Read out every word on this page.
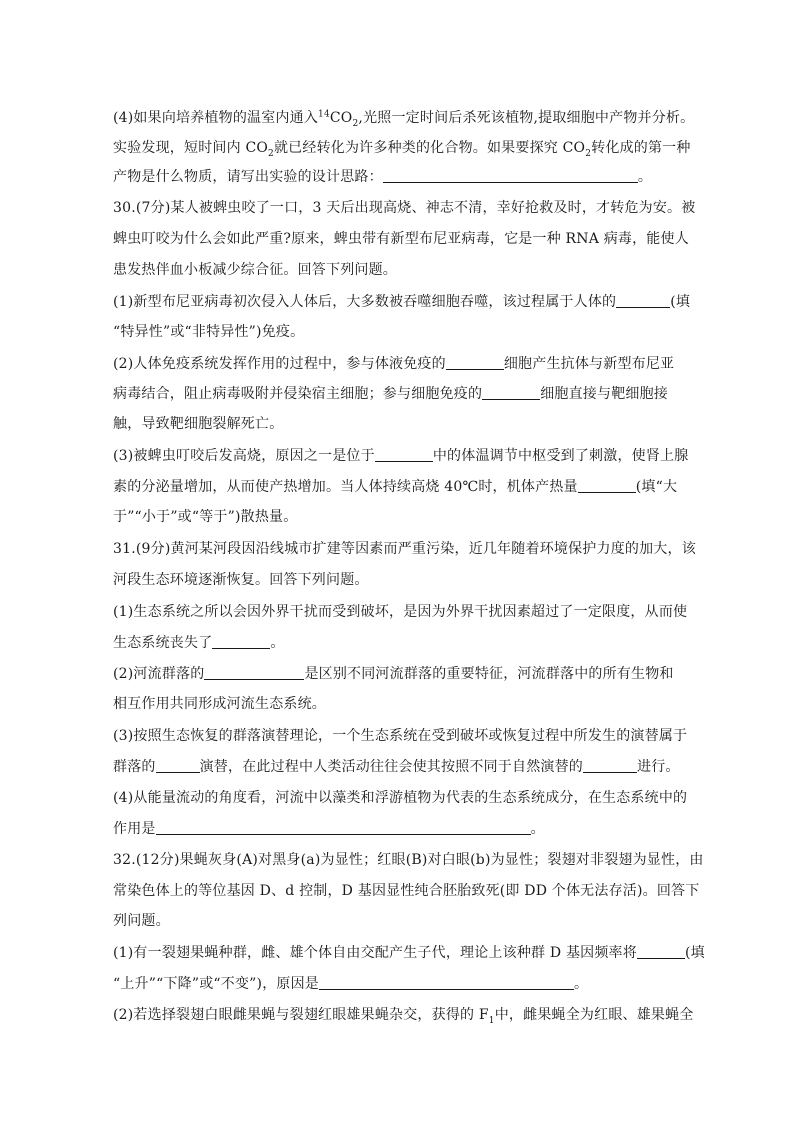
(4)如果向培养植物的温室内通入$^{14}CO_2$,光照一定时间后杀死该植物,提取细胞中产物并分析。
实验发现，短时间内 $CO_2$就已经转化为许多种类的化合物。如果要探究 $CO_2$转化成的第一种
产物是什么物质，请写出实验的设计思路：	。
30.(7分)某人被蜱虫咬了一口，3 天后出现高烧、神志不清，幸好抢救及时，才转危为安。被
蜱虫叮咬为什么会如此严重?原来，蜱虫带有新型布尼亚病毒，它是一种 RNA 病毒，能使人
患发热伴血小板减少综合征。回答下列问题。
(1)新型布尼亚病毒初次侵入人体后，大多数被吞噬细胞吞噬，该过程属于人体的	(填
“特异性”或“非特异性”)免疫。
(2)人体免疫系统发挥作用的过程中，参与体液免疫的	细胞产生抗体与新型布尼亚
病毒结合，阻止病毒吸附并侵染宿主细胞；参与细胞免疫的	细胞直接与靶细胞接
触，导致靶细胞裂解死亡。
(3)被蜱虫叮咬后发高烧，原因之一是位于	中的体温调节中枢受到了刺激，使肾上腺
素的分泌量增加，从而使产热增加。当人体持续高烧 40℃时，机体产热量	(填“大
于”“小于”或“等于”)散热量。
31.(9分)黄河某河段因沿线城市扩建等因素而严重污染，近几年随着环境保护力度的加大，该
河段生态环境逐渐恢复。回答下列问题。
(1)生态系统之所以会因外界干扰而受到破坏，是因为外界干扰因素超过了一定限度，从而使
生态系统丧失了	。
(2)河流群落的	是区别不同河流群落的重要特征，河流群落中的所有生物和
相互作用共同形成河流生态系统。
(3)按照生态恢复的群落演替理论，一个生态系统在受到破坏或恢复过程中所发生的演替属于
群落的	演替，在此过程中人类活动往往会使其按照不同于自然演替的	进行。
(4)从能量流动的角度看，河流中以藻类和浮游植物为代表的生态系统成分，在生态系统中的
作用是	。
32.(12分)果蝇灰身(A)对黑身(a)为显性；红眼(B)对白眼(b)为显性；裂翅对非裂翅为显性，由
常染色体上的等位基因 D、d 控制，D 基因显性纯合胚胎致死(即 DD 个体无法存活)。回答下
列问题。
(1)有一裂翅果蝇种群，雌、雄个体自由交配产生子代，理论上该种群 D 基因频率将	(填
“上升”“下降”或“不变”)，原因是	。
(2)若选择裂翅白眼雌果蝇与裂翅红眼雄果蝇杂交，获得的 $F_1$中，雌果蝇全为红眼、雄果蝇全
